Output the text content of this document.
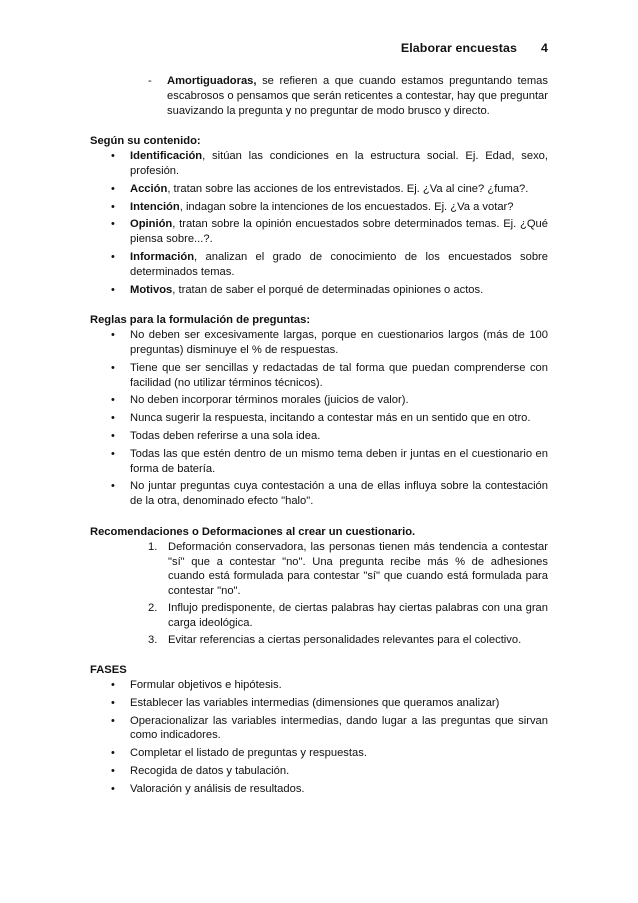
Elaborar encuestas 4
- Amortiguadoras, se refieren a que cuando estamos preguntando temas escabrosos o pensamos que serán reticentes a contestar, hay que preguntar suavizando la pregunta y no preguntar de modo brusco y directo.

Según su contenido:

• Identificación, sitúan las condiciones en la estructura social. Ej. Edad, sexo, profesión.
• Acción, tratan sobre las acciones de los entrevistados. Ej. ¿Va al cine? ¿fuma?.
• Intención, indagan sobre la intenciones de los encuestados. Ej. ¿Va a votar?
• Opinión, tratan sobre la opinión encuestados sobre determinados temas. Ej. ¿Qué piensa sobre...?.
• Información, analizan el grado de conocimiento de los encuestados sobre determinados temas.
• Motivos, tratan de saber el porqué de determinadas opiniones o actos.

Reglas para la formulación de preguntas:

• No deben ser excesivamente largas, porque en cuestionarios largos (más de 100 preguntas) disminuye el % de respuestas.
• Tiene que ser sencillas y redactadas de tal forma que puedan comprenderse con facilidad (no utilizar términos técnicos).
• No deben incorporar términos morales (juicios de valor).
• Nunca sugerir la respuesta, incitando a contestar más en un sentido que en otro.
• Todas deben referirse a una sola idea.
• Todas las que estén dentro de un mismo tema deben ir juntas en el cuestionario en forma de batería.
• No juntar preguntas cuya contestación a una de ellas influya sobre la contestación de la otra, denominado efecto "halo".

Recomendaciones o Deformaciones al crear un cuestionario.

1. Deformación conservadora, las personas tienen más tendencia a contestar "sí" que a contestar "no". Una pregunta recibe más % de adhesiones cuando está formulada para contestar "sí" que cuando está formulada para contestar "no".
2. Influjo predisponente, de ciertas palabras hay ciertas palabras con una gran carga ideológica.
3. Evitar referencias a ciertas personalidades relevantes para el colectivo.

FASES

• Formular objetivos e hipótesis.
• Establecer las variables intermedias (dimensiones que queramos analizar)
• Operacionalizar las variables intermedias, dando lugar a las preguntas que sirvan como indicadores.
• Completar el listado de preguntas y respuestas.
• Recogida de datos y tabulación.
• Valoración y análisis de resultados.
